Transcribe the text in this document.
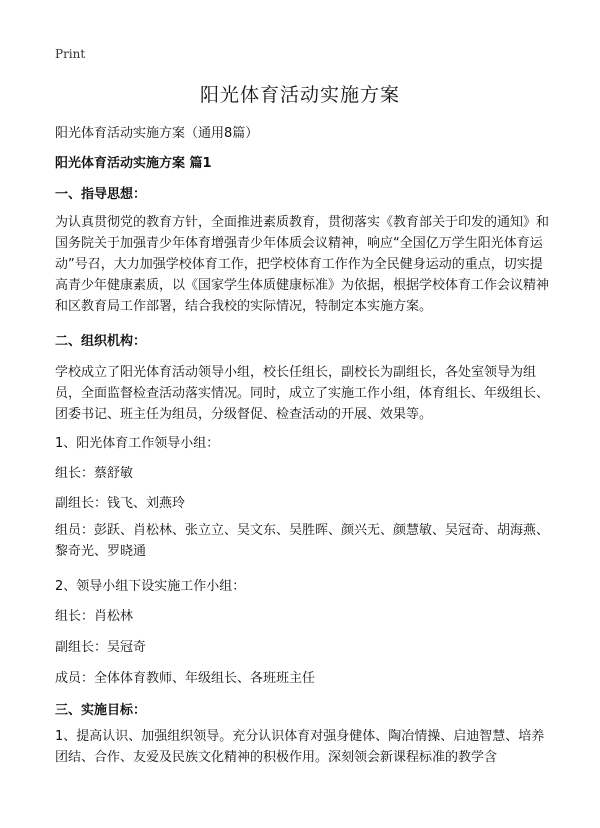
Print
阳光体育活动实施方案

阳光体育活动实施方案（通用8篇）

阳光体育活动实施方案 篇1

一、指导思想：

为认真贯彻党的教育方针，全面推进素质教育，贯彻落实《教育部关于印发的通知》和国务院关于加强青少年体育增强青少年体质会议精神，响应“全国亿万学生阳光体育运动”号召，大力加强学校体育工作，把学校体育工作作为全民健身运动的重点，切实提高青少年健康素质，以《国家学生体质健康标准》为依据，根据学校体育工作会议精神和区教育局工作部署，结合我校的实际情况，特制定本实施方案。

二、组织机构：

学校成立了阳光体育活动领导小组，校长任组长，副校长为副组长，各处室领导为组员，全面监督检查活动落实情况。同时，成立了实施工作小组，体育组长、年级组长、团委书记、班主任为组员，分级督促、检查活动的开展、效果等。

1、阳光体育工作领导小组：

组长：蔡舒敏

副组长：钱飞、刘燕玲

组员：彭跃、肖松林、张立立、吴文东、吴胜晖、颜兴无、颜慧敏、吴冠奇、胡海燕、黎奇光、罗晓通

2、领导小组下设实施工作小组：

组长：肖松林

副组长：吴冠奇

成员：全体体育教师、年级组长、各班班主任

三、实施目标：

1、提高认识、加强组织领导。充分认识体育对强身健体、陶冶情操、启迪智慧、培养团结、合作、友爱及民族文化精神的积极作用。深刻领会新课程标准的教学含
